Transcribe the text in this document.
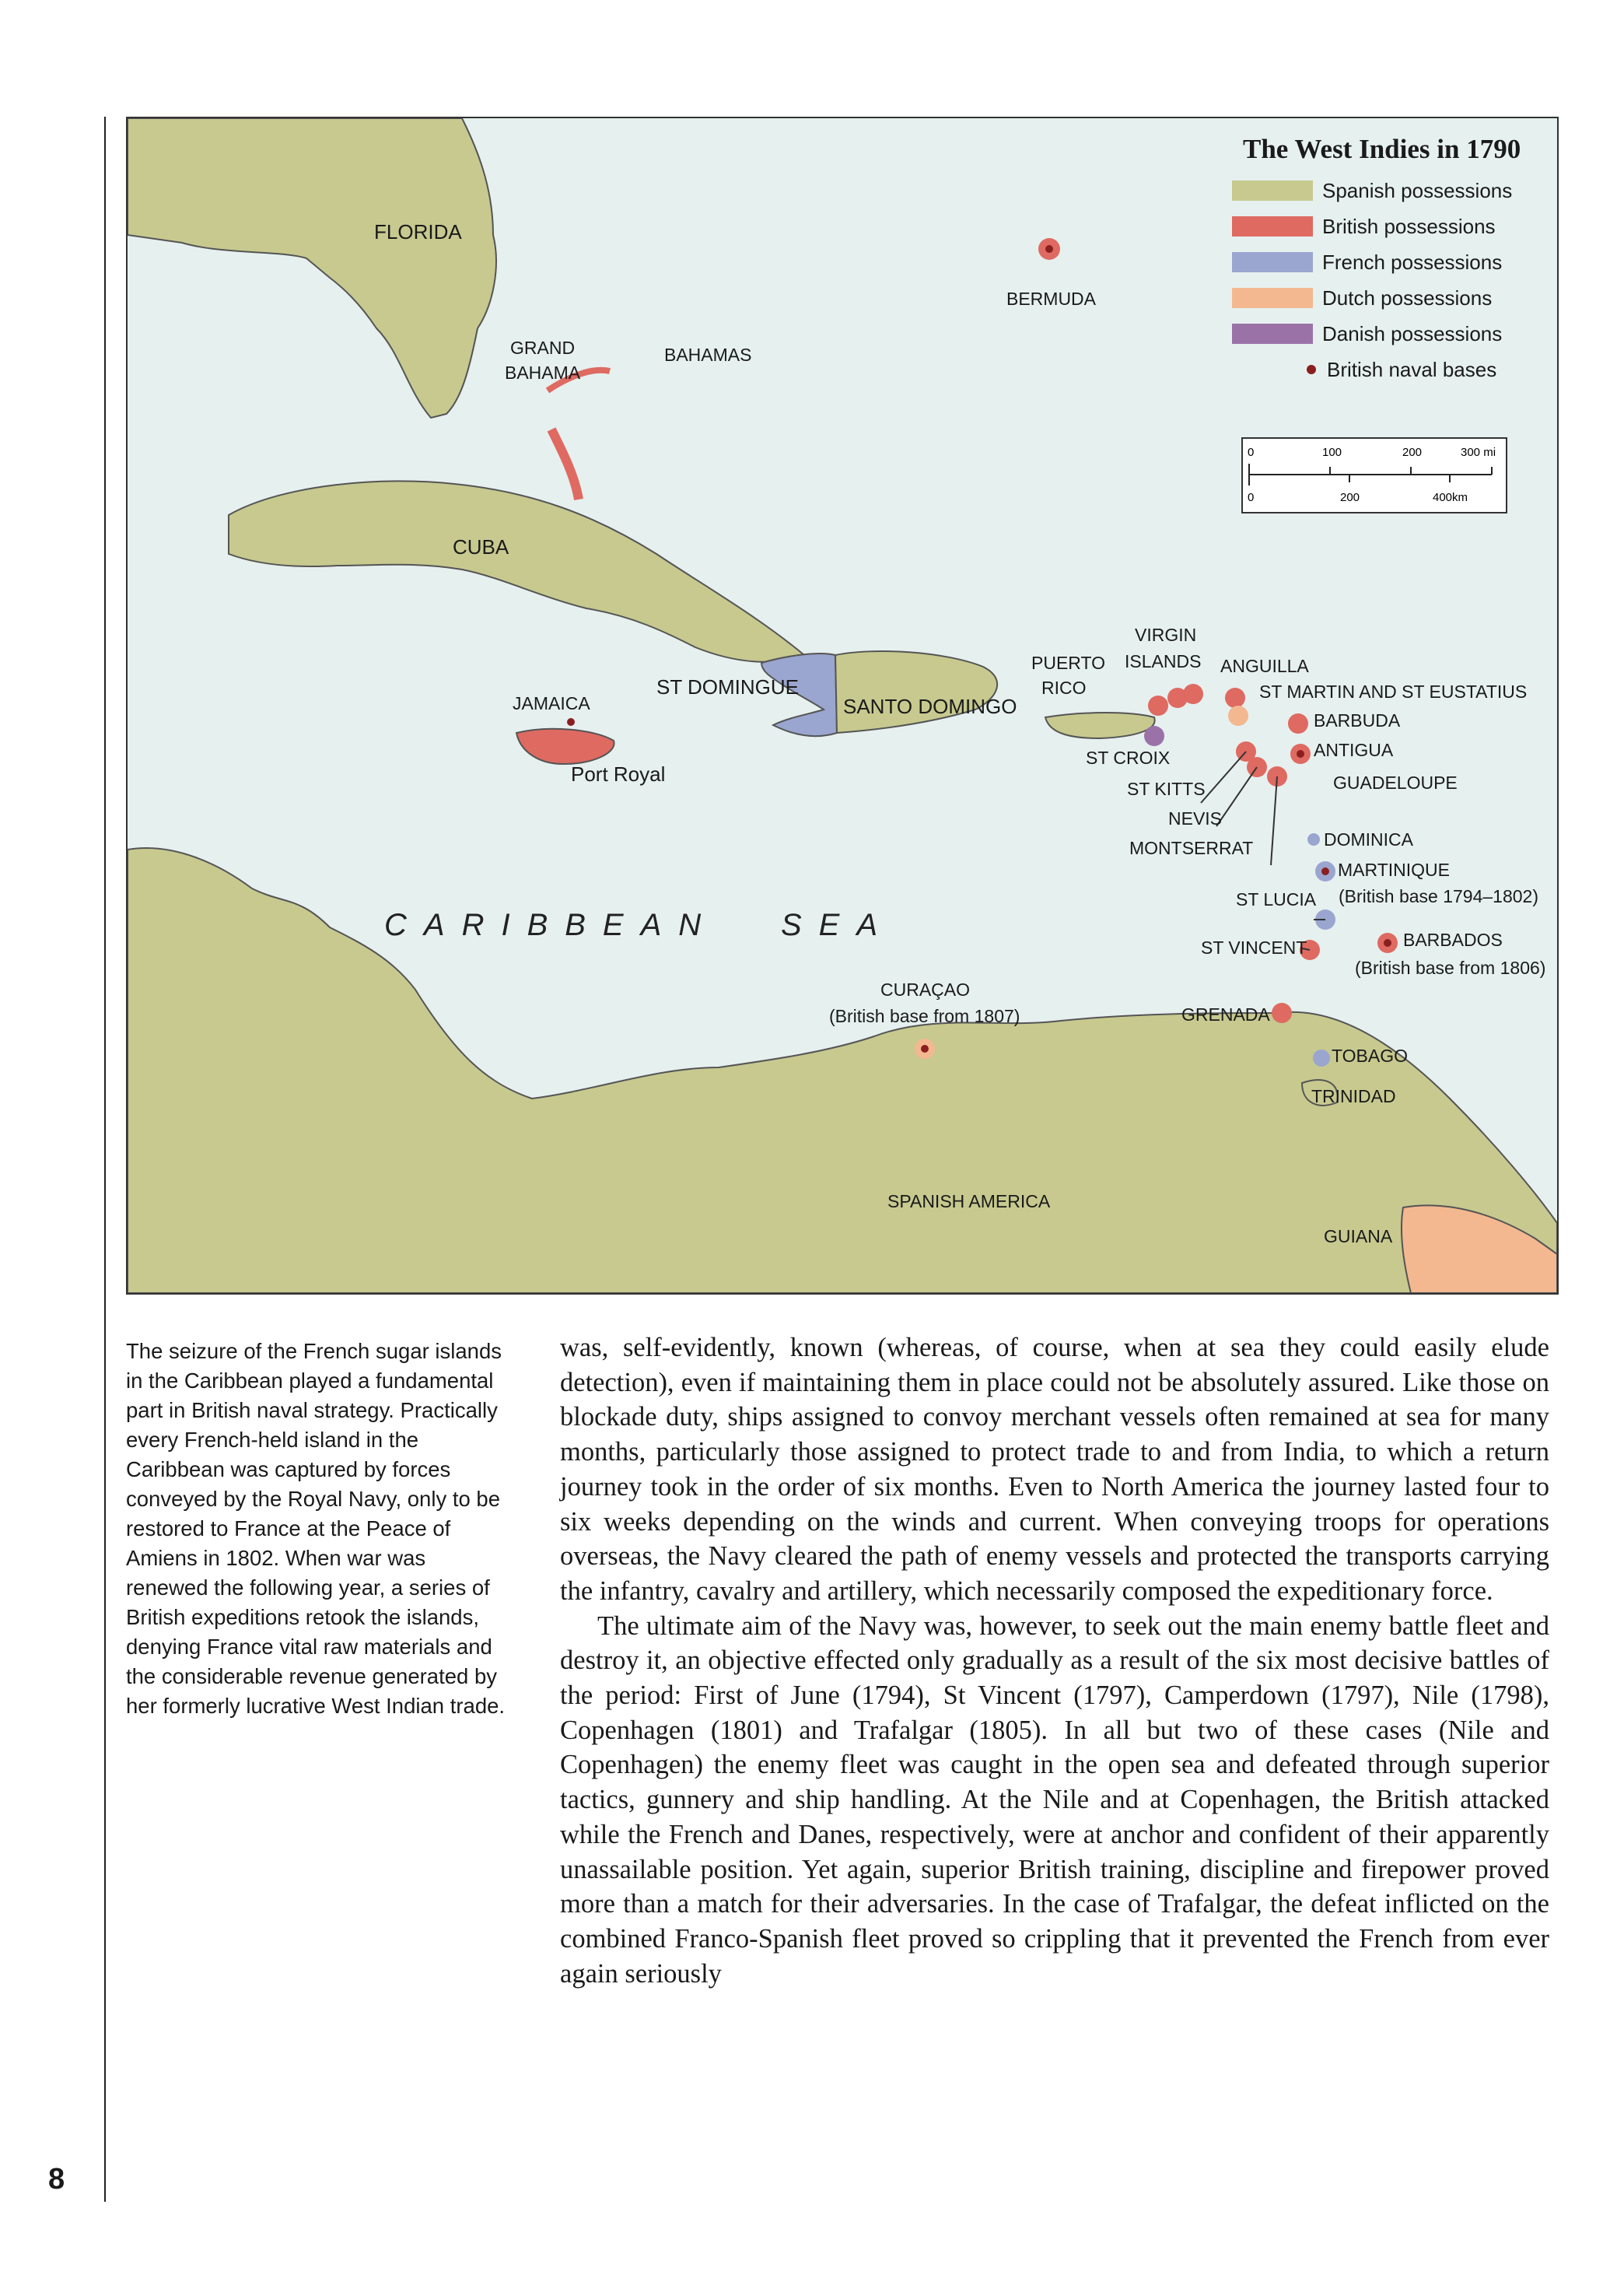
8
FLORIDA
GRAND
BAHAMA
BAHAMAS
BERMUDA
CUBA
JAMAICA
Port Royal
ST DOMINGUE
SANTO DOMINGO
PUERTO
RICO
VIRGIN
ISLANDS ANGUILLA
ST MARTIN AND ST EUSTATIUS
BARBUDA
ANTIGUA
ST CROIX
ST KITTS
NEVIS
MONTSERRAT
GUADELOUPE
DOMINICA
MARTINIQUE
(British base 1794–1802)
ST LUCIA
ST VINCENT	BARBADOS
(British base from 1806)
GRENADA
TOBAGO
TRINIDAD
CURAÇAO
(British base from 1807)
CARIBBEAN SEA
SPANISH AMERICA
GUIANA
The West Indies in 1790
Spanish possessions
British possessions
French possessions
Dutch possessions
Danish possessions
British naval bases
0	100	200	300 mi
0	200	400km
The seizure of the French sugar islands in the Caribbean played a fundamental part in British naval strategy. Practically every French-held island in the Caribbean was captured by forces conveyed by the Royal Navy, only to be restored to France at the Peace of Amiens in 1802. When war was renewed the following year, a series of British expeditions retook the islands, denying France vital raw materials and the considerable revenue generated by her formerly lucrative West Indian trade.

was, self-evidently, known (whereas, of course, when at sea they could easily elude detection), even if maintaining them in place could not be absolutely assured. Like those on blockade duty, ships assigned to convoy merchant vessels often remained at sea for many months, particularly those assigned to protect trade to and from India, to which a return journey took in the order of six months. Even to North America the journey lasted four to six weeks depending on the winds and current. When conveying troops for operations overseas, the Navy cleared the path of enemy vessels and protected the transports carrying the infantry, cavalry and artillery, which necessarily composed the expeditionary force.

The ultimate aim of the Navy was, however, to seek out the main enemy battle fleet and destroy it, an objective effected only gradually as a result of the six most decisive battles of the period: First of June (1794), St Vincent (1797), Camperdown (1797), Nile (1798), Copenhagen (1801) and Trafalgar (1805). In all but two of these cases (Nile and Copenhagen) the enemy fleet was caught in the open sea and defeated through superior tactics, gunnery and ship handling. At the Nile and at Copenhagen, the British attacked while the French and Danes, respectively, were at anchor and confident of their apparently unassailable position. Yet again, superior British training, discipline and firepower proved more than a match for their adversaries. In the case of Trafalgar, the defeat inflicted on the combined Franco-Spanish fleet proved so crippling that it prevented the French from ever again seriously
